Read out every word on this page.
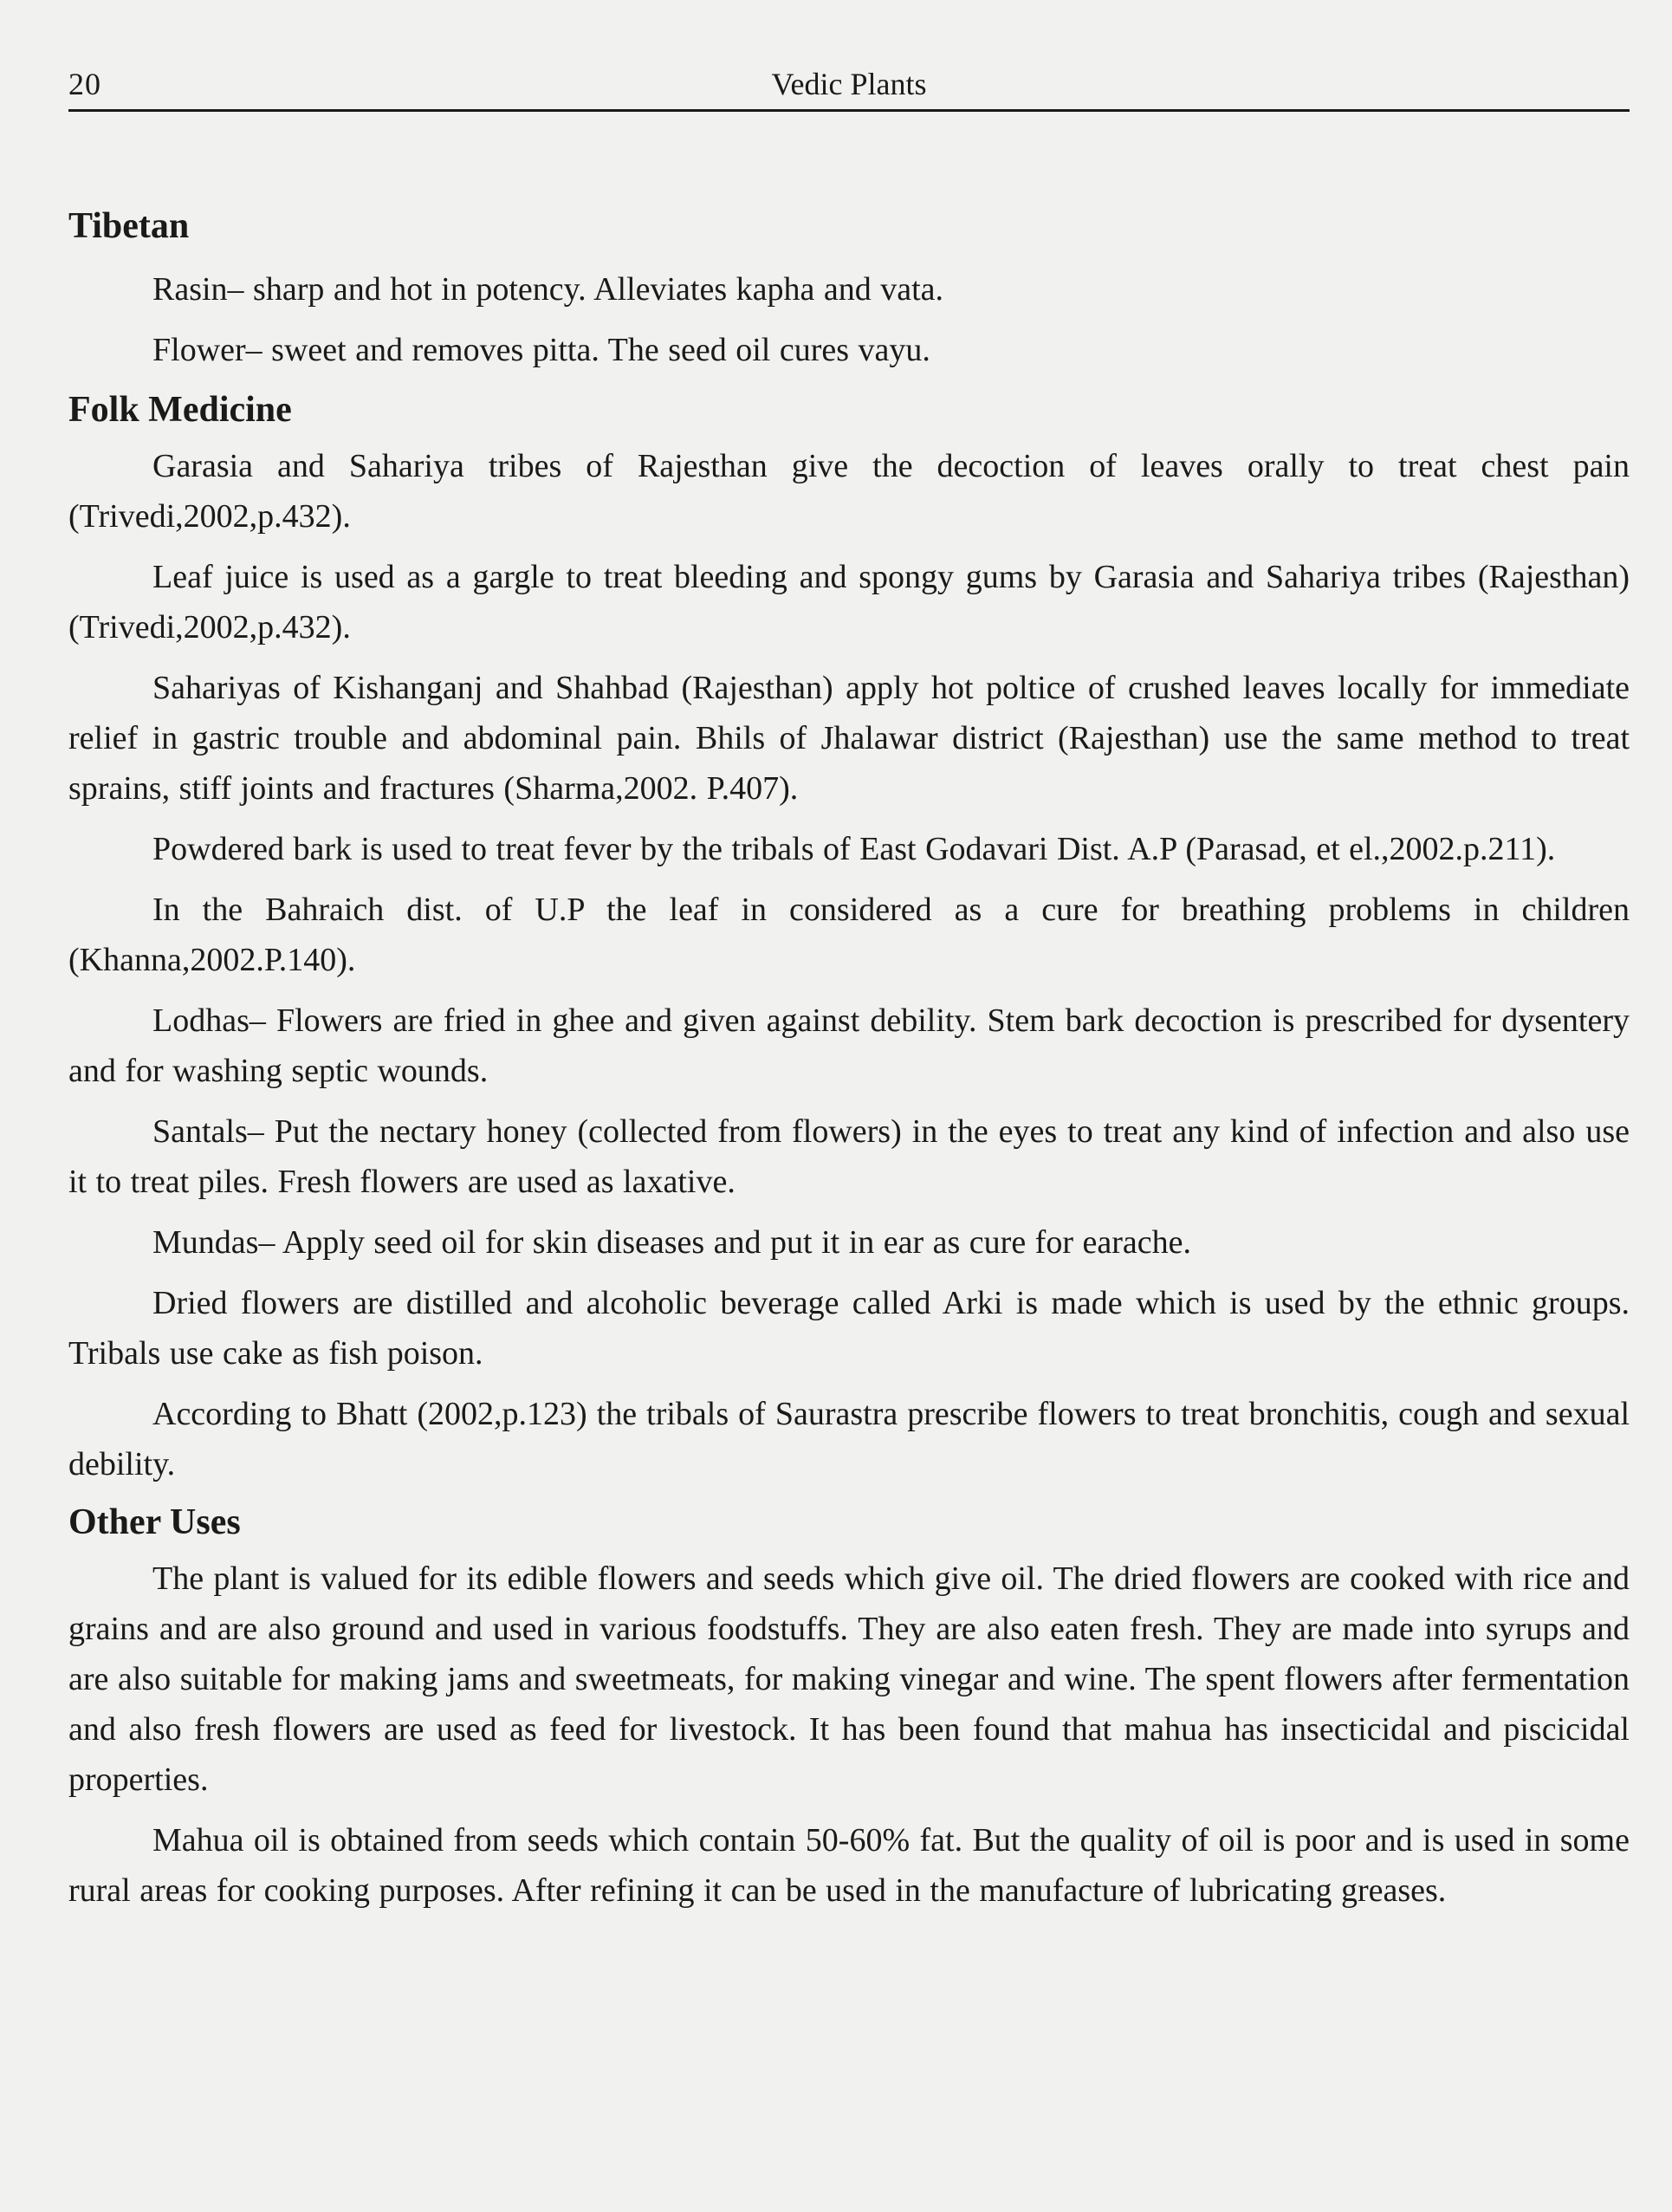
20	Vedic Plants
Tibetan

Rasin– sharp and hot in potency. Alleviates kapha and vata.

Flower– sweet and removes pitta. The seed oil cures vayu.

Folk Medicine

Garasia and Sahariya tribes of Rajesthan give the decoction of leaves orally to treat chest pain (Trivedi,2002,p.432).

Leaf juice is used as a gargle to treat bleeding and spongy gums by Garasia and Sahariya tribes (Rajesthan) (Trivedi,2002,p.432).

Sahariyas of Kishanganj and Shahbad (Rajesthan) apply hot poltice of crushed leaves locally for immediate relief in gastric trouble and abdominal pain. Bhils of Jhalawar district (Rajesthan) use the same method to treat sprains, stiff joints and fractures (Sharma,2002. P.407).

Powdered bark is used to treat fever by the tribals of East Godavari Dist. A.P (Parasad, et el.,2002.p.211).

In the Bahraich dist. of U.P the leaf in considered as a cure for breathing problems in children (Khanna,2002.P.140).

Lodhas– Flowers are fried in ghee and given against debility. Stem bark decoction is prescribed for dysentery and for washing septic wounds.

Santals– Put the nectary honey (collected from flowers) in the eyes to treat any kind of infection and also use it to treat piles. Fresh flowers are used as laxative.

Mundas– Apply seed oil for skin diseases and put it in ear as cure for earache.

Dried flowers are distilled and alcoholic beverage called Arki is made which is used by the ethnic groups. Tribals use cake as fish poison.

According to Bhatt (2002,p.123) the tribals of Saurastra prescribe flowers to treat bronchitis, cough and sexual debility.

Other Uses

The plant is valued for its edible flowers and seeds which give oil. The dried flowers are cooked with rice and grains and are also ground and used in various foodstuffs. They are also eaten fresh. They are made into syrups and are also suitable for making jams and sweetmeats, for making vinegar and wine. The spent flowers after fermentation and also fresh flowers are used as feed for livestock. It has been found that mahua has insecticidal and piscicidal properties.

Mahua oil is obtained from seeds which contain 50-60% fat. But the quality of oil is poor and is used in some rural areas for cooking purposes. After refining it can be used in the manufacture of lubricating greases.
